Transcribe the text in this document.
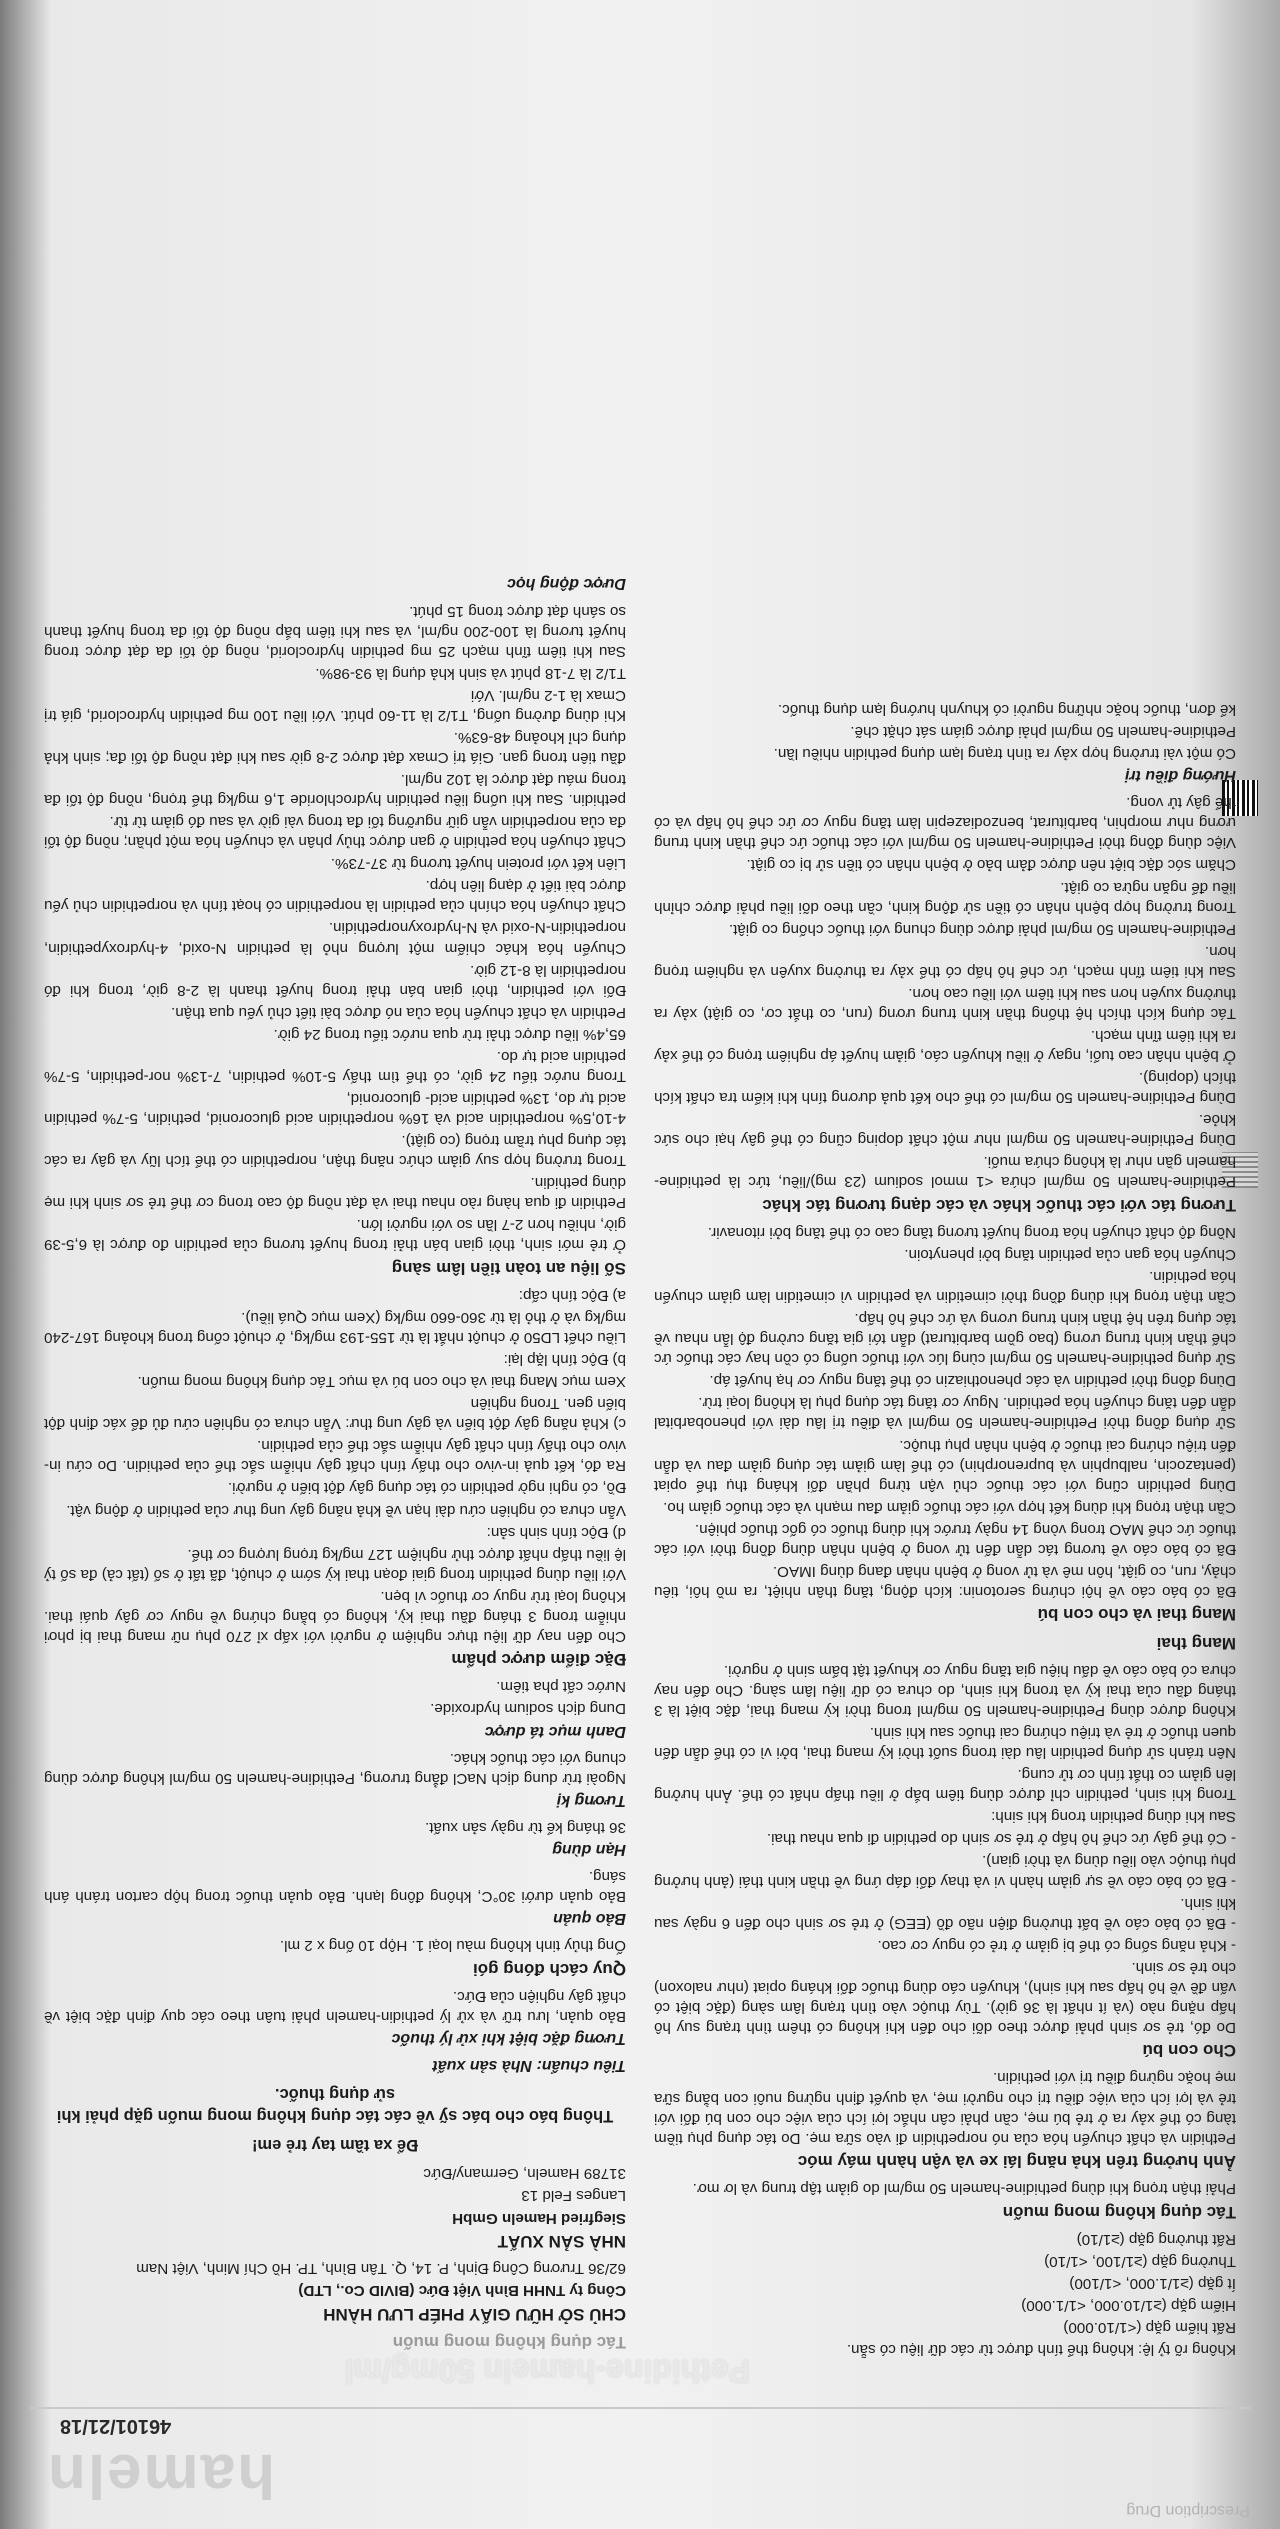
Prescription Drug
hameln
46101/21/18
Pethidine-hameln 50mg/ml

Không rõ tỷ lệ: không thể tính được từ các dữ liệu có sẵn.

Rất hiếm gặp (<1/10.000)

Hiếm gặp (≥1/10.000, <1/1.000)

Ít gặp (≥1/1.000, <1/100)

Thường gặp (≥1/100, <1/10)

Rất thường gặp (≥1/10)

Tác dụng không mong muốn

Phải thận trọng khi dùng pethidine-hameln 50 mg/ml do giảm tập trung và lơ mơ.

Ảnh hưởng trên khả năng lái xe và vận hành máy móc

Pethidin và chất chuyển hóa của nó norpethidin đi vào sữa mẹ. Do tác dụng phụ tiềm tàng có thể xảy ra ở trẻ bú mẹ, cần phải cân nhắc lợi ích của việc cho con bú đối với trẻ và lợi ích của việc điều trị cho người mẹ, và quyết định ngừng nuôi con bằng sữa mẹ hoặc ngừng điều trị với pethidin.

Cho con bú

Do đó, trẻ sơ sinh phải được theo dõi cho đến khi không có thêm tình trạng suy hô hấp nặng nào (và ít nhất là 36 giờ). Tùy thuộc vào tình trạng lâm sàng (đặc biệt có vấn đề về hô hấp sau khi sinh), khuyến cáo dùng thuốc đối kháng opiat (như naloxon) cho trẻ sơ sinh.

- Khả năng sống có thể bị giảm ở trẻ có nguy cơ cao.

- Đã có báo cáo về bất thường điện não đồ (EEG) ở trẻ sơ sinh cho đến 6 ngày sau khi sinh.

- Đã có báo cáo về sự giảm hành vi và thay đổi đáp ứng về thần kinh thái (ảnh hưởng phụ thuộc vào liều dùng và thời gian).

- Có thể gây ức chế hô hấp ở trẻ sơ sinh do pethidin đi qua nhau thai.

Sau khi dùng pethidin trong khi sinh:

Trong khi sinh, pethidin chỉ được dùng tiêm bắp ở liều thấp nhất có thể. Ảnh hưởng lên giảm co thắt tính cơ tử cung.

Nên tránh sử dụng pethidin lâu dài trong suốt thời kỳ mang thai, bởi vì có thể dẫn đến quen thuốc ở trẻ và triệu chứng cai thuốc sau khi sinh.

Không được dùng Pethidine-hameln 50 mg/ml trong thời kỳ mang thai, đặc biệt là 3 tháng đầu của thai kỳ và trong khi sinh, do chưa có dữ liệu lâm sàng. Cho đến nay chưa có báo cáo về dấu hiệu gia tăng nguy cơ khuyết tật bẩm sinh ở người.

Mang thai
Mang thai và cho con bú

Đã có báo cáo về hội chứng serotonin: kích động, tăng thân nhiệt, ra mồ hôi, tiêu chảy, run, co giật, hôn mê và tử vong ở bệnh nhân đang dùng IMAO.

Đã có báo cáo về tương tác dẫn đến tử vong ở bệnh nhân dùng đồng thời với các thuốc ức chế MAO trong vòng 14 ngày trước khi dùng thuốc có gốc thuốc phiện.

Cần thận trọng khi dùng kết hợp với các thuốc giảm đau mạnh và các thuốc giảm ho.

Dùng pethidin cũng với các thuốc chủ vận từng phần đối kháng thụ thể opiat (pentazocin, nalbuphin và buprenorphin) có thể làm giảm tác dụng giảm đau và dẫn đến triệu chứng cai thuốc ở bệnh nhân phụ thuộc.

Sử dụng đồng thời Pethidine-hameln 50 mg/ml và điều trị lâu dài với phenobarbital dẫn đến tăng chuyển hóa pethidin. Nguy cơ tăng tác dụng phụ là không loại trừ.

Dùng đồng thời pethidin và các phenothiazin có thể tăng nguy cơ hạ huyết áp.

Sử dụng pethidine-hameln 50 mg/ml cùng lúc với thuốc uống có cồn hay các thuốc ức chế thần kinh trung ương (bao gồm barbiturat) dẫn tới gia tăng cường độ lẫn nhau về tác dụng trên hệ thần kinh trung ương và ức chế hô hấp.

Cần thận trọng khi dùng đồng thời cimetidin và pethidin vì cimetidin làm giảm chuyển hóa pethidin.

Chuyển hóa gan của pethidin tăng bởi phenytoin.

Nồng độ chất chuyển hóa trong huyết tương tăng cao có thể tăng bởi ritonavir.

Tương tác với các thuốc khác và các dạng tương tác khác

Pethidine-hameln 50 mg/ml chứa <1 mmol sodium (23 mg)/liều, tức là pethidine-hameln gần như là không chứa muối.

Dùng Pethidine-hameln 50 mg/ml như một chất doping cũng có thể gây hại cho sức khỏe.

Dùng Pethidine-hameln 50 mg/ml có thể cho kết quả dương tính khi kiểm tra chất kích thích (doping).

Ở bệnh nhân cao tuổi, ngay ở liều khuyến cáo, giảm huyết áp nghiêm trọng có thể xảy ra khi tiêm tĩnh mạch.

Tác dụng kích thích hệ thống thần kinh trung ương (run, co thắt cơ, co giật) xảy ra thường xuyên hơn sau khi tiêm với liều cao hơn.

Sau khi tiêm tĩnh mạch, ức chế hô hấp có thể xảy ra thường xuyên và nghiêm trọng hơn.

Pethidine-hameln 50 mg/ml phải được dùng chung với thuốc chống co giật.

Trong trường hợp bệnh nhân có tiền sử động kinh, cần theo dõi liều phải được chỉnh liều để ngăn ngừa co giật.

Chăm sóc đặc biệt nên được đảm bảo ở bệnh nhân có tiền sử bị co giật.

Việc dùng đồng thời Pethidine-hameln 50 mg/ml với các thuốc ức chế thần kinh trung ương như morphin, barbiturat, benzodiazepin làm tăng nguy cơ ức chế hô hấp và có thể gây tử vong.

Hướng điều trị

Có một vài trường hợp xảy ra tình trạng lạm dụng pethidin nhiều lần.

Pethidine-hameln 50 mg/ml phải được giám sát chặt chẽ.

kể đơn, thuốc hoặc những người có khuynh hướng lạm dụng thuốc.

Tác dụng không mong muốn
CHỦ SỞ HỮU GIẤY PHÉP LƯU HÀNH

Công ty TNHH Bình Việt Đức (BIVID Co., LTD)

62/36 Trương Công Định, P. 14, Q. Tân Bình, TP. Hồ Chí Minh, Việt Nam

NHÀ SẢN XUẤT

Siegfried Hameln GmbH

Langes Feld 13

31789 Hameln, Germany/Đức

Để xa tầm tay trẻ em!
Thông báo cho bác sỹ về các tác dụng không mong muốn gặp phải khi sử dụng thuốc.
Tiêu chuẩn: Nhà sản xuất
Tương đặc biệt khi xử lý thuốc

Bảo quản, lưu trữ và xử lý pethidin-hameln phải tuân theo các quy định đặc biệt về chất gây nghiện của Đức.

Quy cách đóng gói

Ống thủy tinh không màu loại 1. Hộp 10 ống x 2 ml.

Bảo quản

Bảo quản dưới 30°C, không đông lạnh. Bảo quản thuốc trong hộp carton tránh ánh sáng.

Hạn dùng

36 tháng kể từ ngày sản xuất.

Tương kị

Ngoài trừ dung dịch NaCl đẳng trương, Pethidine-hameln 50 mg/ml không được dùng chung với các thuốc khác.

Danh mục tá dược

Dung dịch sodium hydroxide.

Nước cất pha tiêm.

Đặc điểm dược phẩm

Cho đến nay dữ liệu thực nghiệm ở người với xấp xỉ 270 phụ nữ mang thai bị phơi nhiễm trong 3 tháng đầu thai kỳ, không có bằng chứng về nguy cơ gây quái thai. Không loại trừ nguy cơ thuốc vì bẹn.

Với liều dùng pethidin trong giai đoạn thai kỳ sớm ở chuột, đã tất ở số (tất cả) đa số tỷ lệ liều thấp nhất được thử nghiệm 127 mg/kg trọng lượng cơ thể.

d) Độc tính sinh sản:

Vẫn chưa có nghiên cứu dài hạn về khả năng gây ung thư của pethidin ở động vật.

Đồ, có nghi ngờ pethidin có tác dụng gây đột biến ở người.

Ra đó, kết quả in-vivo cho thấy tính chất gây nhiễm sắc thể của pethidin. Do cứu in-vivo cho thấy tính chất gây nhiễm sắc thể của pethidin.

c) Khả năng gây đột biến và gây ung thư: Vẫn chưa có nghiên cứu đủ để xác định đột biến gen. Trong nghiên

Xem mục Mang thai và cho con bú và mục Tác dụng không mong muốn.

b) Độc tính lặp lại:

Liều chết LD50 ở chuột nhắt là từ 155-193 mg/kg, ở chuột cống trong khoảng 167-240 mg/kg và ở thỏ là từ 360-660 mg/kg (Xem mục Quá liều).

a) Độc tính cấp:

Số liệu an toàn tiền lâm sàng

Ở trẻ mới sinh, thời gian bán thải trong huyết tương của pethidin đo được là 6,5-39 giờ, nhiều hơn 2-7 lần so với người lớn.

Pethidin đi qua hàng rào nhau thai và đạt nồng độ cao trong cơ thể trẻ sơ sinh khi mẹ dùng pethidin.

Trong trường hợp suy giảm chức năng thận, norpethidin có thể tích lũy và gây ra các tác dụng phụ trầm trọng (co giật).

4-10,5% norpethidin acid và 16% norpethidin acid glucoronid, pethidin, 5-7% pethidin acid tự do, 13% pethidin acid- glucoronid,

Trong nước tiểu 24 giờ, có thể tìm thấy 5-10% pethidin, 7-13% nor-pethidin, 5-7% pethidin acid tự do.

65,4% liều được thải trừ qua nước tiểu trong 24 giờ.

Pethidin và chất chuyển hóa của nó được bài tiết chủ yếu qua thận.

Đối với pethidin, thời gian bán thải trong huyết thanh là 2-8 giờ, trong khi đó norpethidin là 8-12 giờ.

Chuyển hóa khác chiếm một lượng nhỏ là pethidin N-oxid, 4-hydroxypethidin, norpethidin-N-oxid và N-hydroxynorpethidin.

Chất chuyển hóa chính của pethidin là norpethidin có hoạt tính và norpethidin chủ yếu được bài tiết ở dạng liên hợp.

Liên kết với protein huyết tương từ 37-73%.

Chất chuyển hóa pethidin ở gan được thủy phân và chuyển hóa một phần; nồng độ tối đa của norpethidin vẫn giữ ngưỡng tối đa trong vài giờ và sau đó giảm từ từ.

pethidin. Sau khi uống liều pethidin hydrochloride 1,6 mg/kg thể trọng, nồng độ tối đa trong máu đạt được là 102 ng/ml.

đầu tiên trong gan. Giá trị Cmax đạt được 2-8 giờ sau khi đạt nồng độ tối đa; sinh khả dụng chỉ khoảng 48-63%.

Khi dùng đường uống, T1/2 là 11-60 phút. Với liều 100 mg pethidin hydroclorid, giá trị Cmax là 1-2 ng/ml. Với

T1/2 là 7-18 phút và sinh khả dụng là 93-98%.

Sau khi tiêm tĩnh mạch 25 mg pethidin hydroclorid, nồng độ tối đa đạt được trong huyết tương là 100-200 ng/ml, và sau khi tiêm bắp nồng độ tối đa trong huyết thanh so sánh đạt được trong 15 phút.

Dược động học
